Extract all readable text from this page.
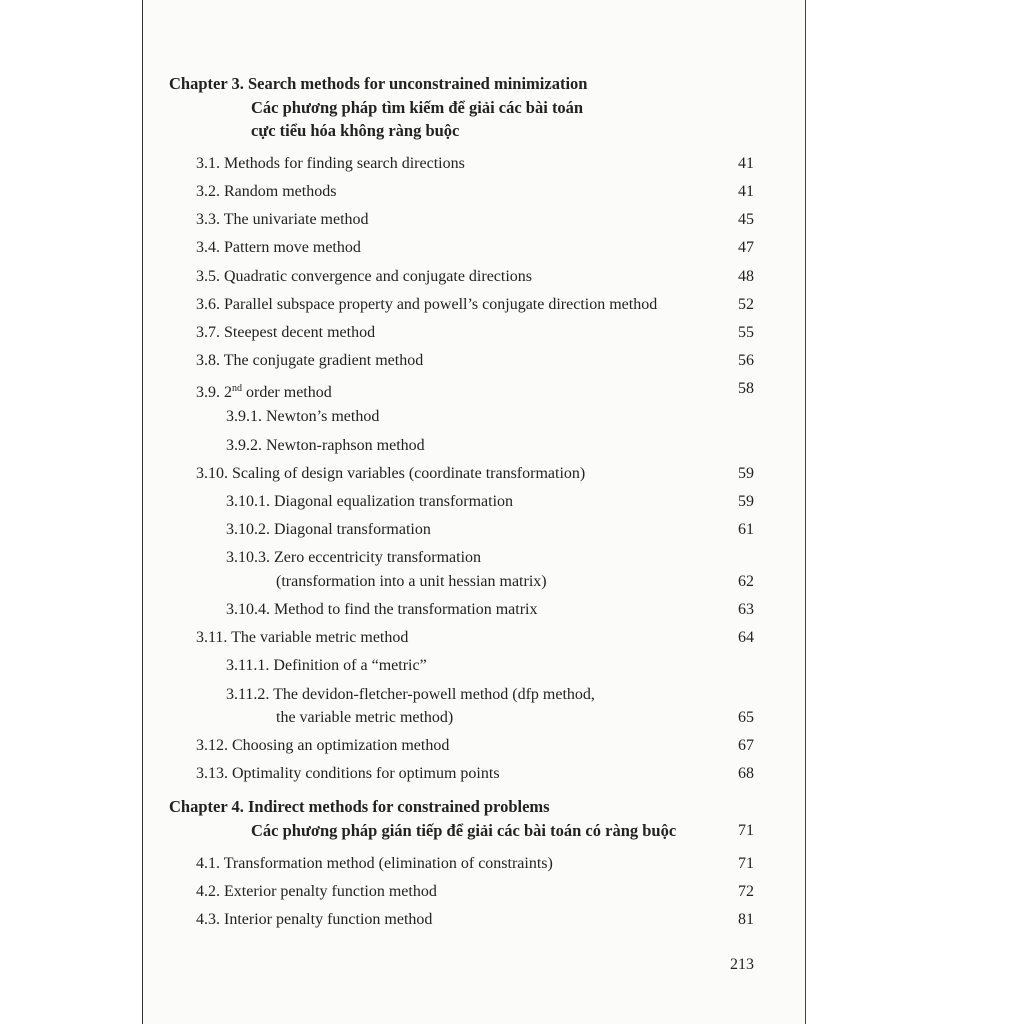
Chapter 3. Search methods for unconstrained minimization
Các phương pháp tìm kiếm để giải các bài toán
cực tiểu hóa không ràng buộc
3.1. Methods for finding search directions	41
3.2. Random methods	41
3.3. The univariate method	45
3.4. Pattern move method	47
3.5. Quadratic convergence and conjugate directions	48
3.6. Parallel subspace property and powell’s conjugate direction method	52
3.7. Steepest decent method	55
3.8. The conjugate gradient method	56
3.9. 2nd order method	58
3.9.1. Newton’s method
3.9.2. Newton-raphson method
3.10. Scaling of design variables (coordinate transformation)	59
3.10.1. Diagonal equalization transformation	59
3.10.2. Diagonal transformation	61
3.10.3. Zero eccentricity transformation
(transformation into a unit hessian matrix)	62
3.10.4. Method to find the transformation matrix	63
3.11. The variable metric method	64
3.11.1. Definition of a “metric”
3.11.2. The devidon-fletcher-powell method (dfp method,
the variable metric method)	65
3.12. Choosing an optimization method	67
3.13. Optimality conditions for optimum points	68
Chapter 4. Indirect methods for constrained problems
Các phương pháp gián tiếp để giải các bài toán có ràng buộc	71
4.1. Transformation method (elimination of constraints)	71
4.2. Exterior penalty function method	72
4.3. Interior penalty function method	81
213
